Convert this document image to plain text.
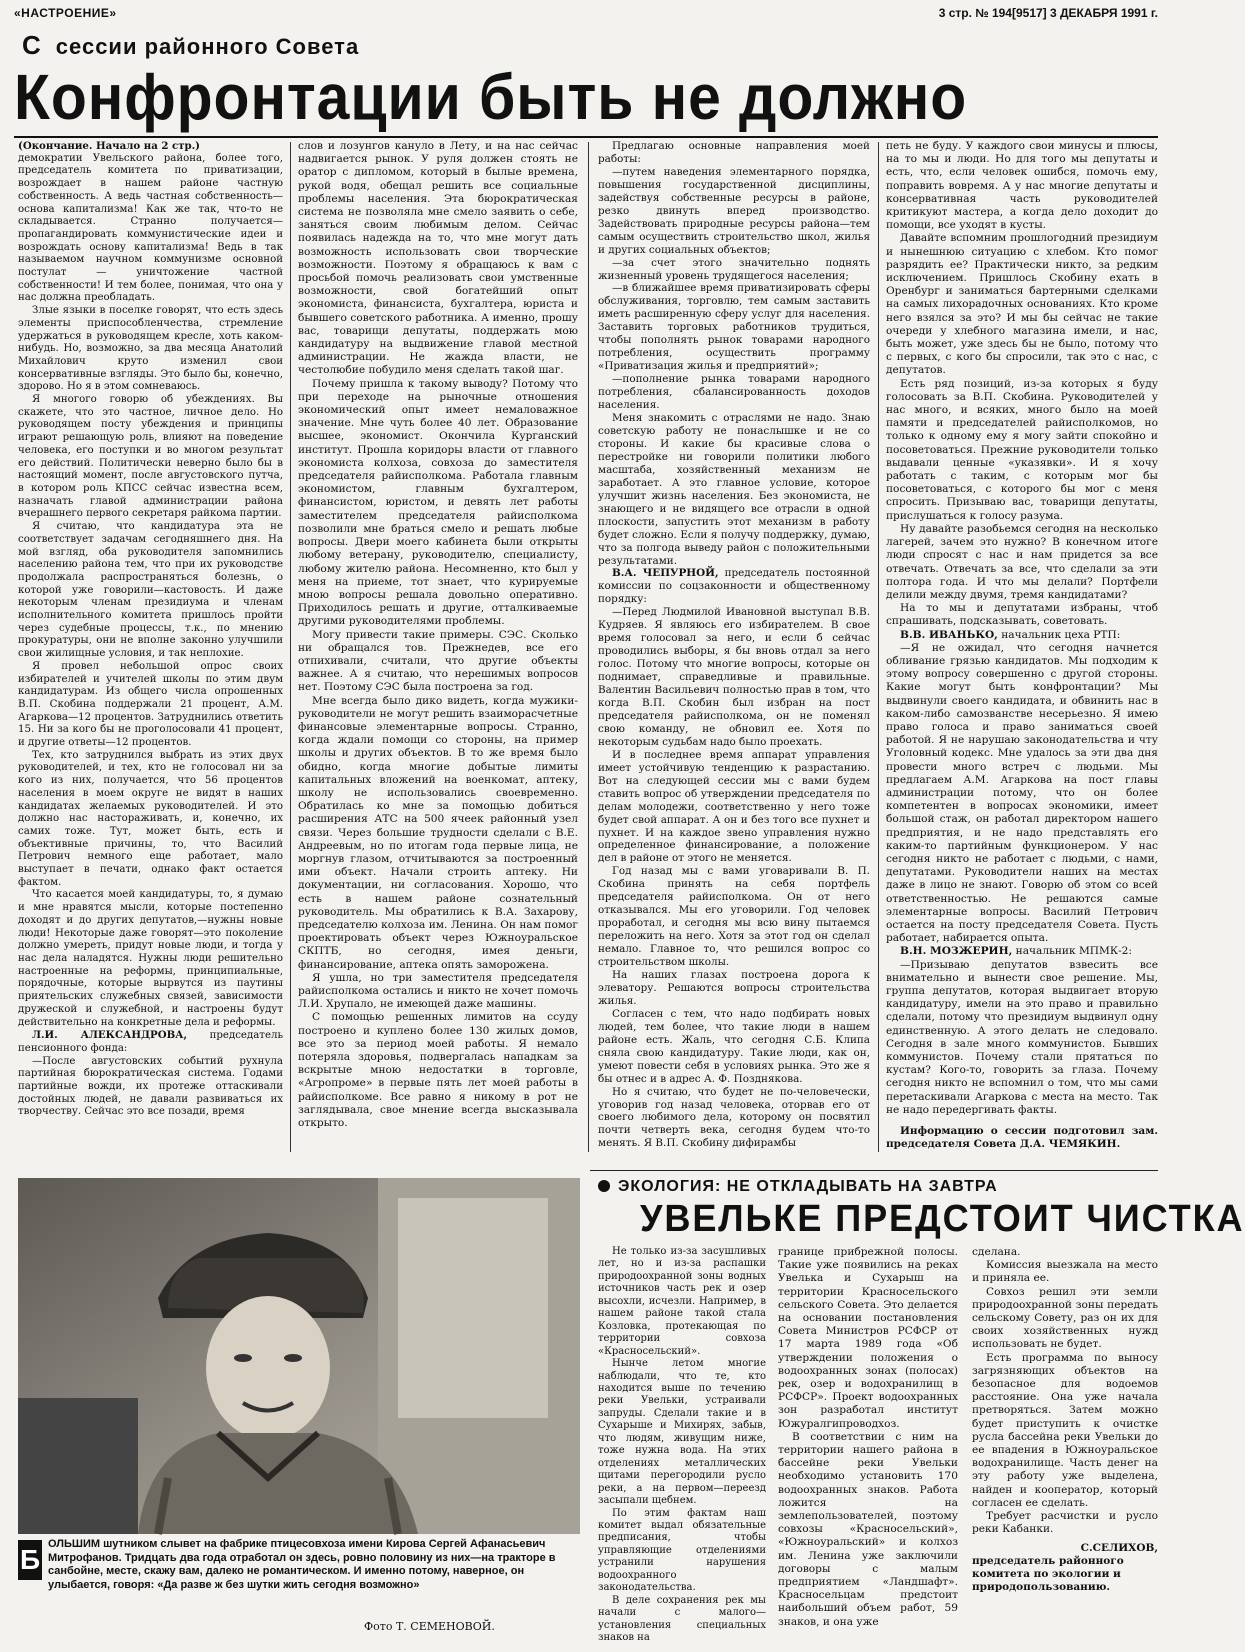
«НАСТРОЕНИЕ»	3 стр. № 194[9517] 3 ДЕКАБРЯ 1991 г.
С сессии районного Совета
Конфронтации быть не должно

(Окончание. Начало на 2 стр.)

демократии Увельского района, более того, председатель комитета по приватизации, возрождает в нашем районе частную собственность. А ведь частная собственность— основа капитализма! Как же так, что-то не складывается. Странно получается—пропагандировать коммунистические идеи и возрождать основу капитализма! Ведь в так называемом научном коммунизме основной постулат — уничтожение частной собственности! И тем более, понимая, что она у нас должна преобладать.

Злые языки в поселке говорят, что есть здесь элементы приспособленчества, стремление удержаться в руководящем кресле, хоть каком-нибудь. Но, возможно, за два месяца Анатолий Михайлович круто изменил свои консервативные взгляды. Это было бы, конечно, здорово. Но я в этом сомневаюсь.

Я многого говорю об убеждениях. Вы скажете, что это частное, личное дело. Но руководящем посту убеждения и принципы играют решающую роль, влияют на поведение человека, его поступки и во многом результат его действий. Политически неверно было бы в настоящий момент, после августовского путча, в котором роль КПСС сейчас известна всем, назначать главой администрации района вчерашнего первого секретаря райкома партии.

Я считаю, что кандидатура эта не соответствует задачам сегодняшнего дня. На мой взгляд, оба руководителя запомнились населению района тем, что при их руководстве продолжала распространяться болезнь, о которой уже говорили—кастовость. И даже некоторым членам президиума и членам исполнительного комитета пришлось пройти через судебные процессы, т.к., по мнению прокуратуры, они не вполне законно улучшили свои жилищные условия, и так неплохие.

Я провел небольшой опрос своих избирателей и учителей школы по этим двум кандидатурам. Из общего числа опрошенных В.П. Скобина поддержали 21 процент, А.М. Агаркова—12 процентов. Затруднились ответить 15. Ни за кого бы не проголосовали 41 процент, и другие ответы—12 процентов.

Тех, кто затруднился выбрать из этих двух руководителей, и тех, кто не голосовал ни за кого из них, получается, что 56 процентов населения в моем округе не видят в наших кандидатах желаемых руководителей. И это должно нас настораживать, и, конечно, их самих тоже. Тут, может быть, есть и объективные причины, то, что Василий Петрович немного еще работает, мало выступает в печати, однако факт остается фактом.

Что касается моей кандидатуры, то, я думаю и мне нравятся мысли, которые постепенно доходят и до других депутатов,—нужны новые люди! Некоторые даже говорят—это поколение должно умереть, придут новые люди, и тогда у нас дела наладятся. Нужны люди решительно настроенные на реформы, принципиальные, порядочные, которые вырвутся из паутины приятельских служебных связей, зависимости дружеской и служебной, и настроены будут действительно на конкретные дела и реформы.

Л.И. АЛЕКСАНДРОВА, председатель пенсионного фонда:

—После августовских событий рухнула партийная бюрократическая система. Годами партийные вожди, их протеже оттаскивали достойных людей, не давали развиваться их творчеству. Сейчас это все позади, время

слов и лозунгов кануло в Лету, и на нас сейчас надвигается рынок. У руля должен стоять не оратор с дипломом, который в былые времена, рукой водя, обещал решить все социальные проблемы населения. Эта бюрократическая система не позволяла мне смело заявить о себе, заняться своим любимым делом. Сейчас появилась надежда на то, что мне могут дать возможность использовать свои творческие возможности. Поэтому я обращаюсь к вам с просьбой помочь реализовать свои умственные возможности, свой богатейший опыт экономиста, финансиста, бухгалтера, юриста и бывшего советского работника. А именно, прошу вас, товарищи депутаты, поддержать мою кандидатуру на выдвижение главой местной администрации. Не жажда власти, не честолюбие побудило меня сделать такой шаг.

Почему пришла к такому выводу? Потому что при переходе на рыночные отношения экономический опыт имеет немаловажное значение. Мне чуть более 40 лет. Образование высшее, экономист. Окончила Курганский институт. Прошла коридоры власти от главного экономиста колхоза, совхоза до заместителя председателя райисполкома. Работала главным экономистом, главным бухгалтером, финансистом, юристом, и девять лет работы заместителем председателя райисполкома позволили мне браться смело и решать любые вопросы. Двери моего кабинета были открыты любому ветерану, руководителю, специалисту, любому жителю района. Несомненно, кто был у меня на приеме, тот знает, что курируемые мною вопросы решала довольно оперативно. Приходилось решать и другие, отталкиваемые другими руководителями проблемы.

Могу привести такие примеры. СЭС. Сколько ни обращался тов. Прежнедев, все его отпихивали, считали, что другие объекты важнее. А я считаю, что нерешимых вопросов нет. Поэтому СЭС была построена за год.

Мне всегда было дико видеть, когда мужики-руководители не могут решить взаиморасчетные финансовые элементарные вопросы. Странно, когда ждали помощи со стороны, на пример школы и других объектов. В то же время было обидно, когда многие добытые лимиты капитальных вложений на военкомат, аптеку, школу не использовались своевременно. Обратилась ко мне за помощью добиться расширения АТС на 500 ячеек районный узел связи. Через большие трудности сделали с В.Е. Андреевым, но по итогам года первые лица, не моргнув глазом, отчитываются за построенный ими объект. Начали строить аптеку. Ни документации, ни согласования. Хорошо, что есть в нашем районе сознательный руководитель. Мы обратились к В.А. Захарову, председателю колхоза им. Ленина. Он нам помог проектировать объект через Южноуральское СКПТБ, но сегодня, имея деньги, финансирование, аптека опять заморожена.

Я ушла, но три заместителя председателя райисполкома остались и никто не хочет помочь Л.И. Хрупало, не имеющей даже машины.

С помощью решенных лимитов на ссуду построено и куплено более 130 жилых домов, все это за период моей работы. Я немало потеряла здоровья, подвергалась нападкам за вскрытые мною недостатки в торговле, «Агропроме» в первые пять лет моей работы в райисполкоме. Все равно я никому в рот не заглядывала, свое мнение всегда высказывала открыто.

Предлагаю основные направления моей работы:

—путем наведения элементарного порядка, повышения государственной дисциплины, задействуя собственные ресурсы в районе, резко двинуть вперед производство. Задействовать природные ресурсы района—тем самым осуществить строительство школ, жилья и других социальных объектов;

—за счет этого значительно поднять жизненный уровень трудящегося населения;

—в ближайшее время приватизировать сферы обслуживания, торговлю, тем самым заставить иметь расширенную сферу услуг для населения. Заставить торговых работников трудиться, чтобы пополнять рынок товарами народного потребления, осуществить программу «Приватизация жилья и предприятий»;

—пополнение рынка товарами народного потребления, сбалансированность доходов населения.

Меня знакомить с отраслями не надо. Знаю советскую работу не понаслышке и не со стороны. И какие бы красивые слова о перестройке ни говорили политики любого масштаба, хозяйственный механизм не заработает. А это главное условие, которое улучшит жизнь населения. Без экономиста, не знающего и не видящего все отрасли в одной плоскости, запустить этот механизм в работу будет сложно. Если я получу поддержку, думаю, что за полгода выведу район с положительными результатами.

В.А. ЧЕПУРНОЙ, председатель постоянной комиссии по соцзаконности и общественному порядку:

—Перед Людмилой Ивановной выступал В.В. Кудряев. Я являюсь его избирателем. В свое время голосовал за него, и если б сейчас проводились выборы, я бы вновь отдал за него голос. Потому что многие вопросы, которые он поднимает, справедливые и правильные. Валентин Васильевич полностью прав в том, что когда В.П. Скобин был избран на пост председателя райисполкома, он не поменял свою команду, не обновил ее. Хотя по некоторым судьбам надо было проехать.

И в последнее время аппарат управления имеет устойчивую тенденцию к разрастанию. Вот на следующей сессии мы с вами будем ставить вопрос об утверждении председателя по делам молодежи, соответственно у него тоже будет свой аппарат. А он и без того все пухнет и пухнет. И на каждое звено управления нужно определенное финансирование, а положение дел в районе от этого не меняется.

Год назад мы с вами уговаривали В. П. Скобина принять на себя портфель председателя райисполкома. Он от него отказывался. Мы его уговорили. Год человек проработал, и сегодня мы всю вину пытаемся переложить на него. Хотя за этот год он сделал немало. Главное то, что решился вопрос со строительством школы.

На наших глазах построена дорога к элеватору. Решаются вопросы строительства жилья.

Согласен с тем, что надо подбирать новых людей, тем более, что такие люди в нашем районе есть. Жаль, что сегодня С.Б. Клипа сняла свою кандидатуру. Такие люди, как он, умеют повести себя в условиях рынка. Это же я бы отнес и в адрес А. Ф. Позднякова.

Но я считаю, что будет не по-человечески, уговорив год назад человека, оторвав его от своего любимого дела, которому он посвятил почти четверть века, сегодня будем что-то менять. Я В.П. Скобину дифирамбы

петь не буду. У каждого свои минусы и плюсы, на то мы и люди. Но для того мы депутаты и есть, что, если человек ошибся, помочь ему, поправить вовремя. А у нас многие депутаты и консервативная часть руководителей критикуют мастера, а когда дело доходит до помощи, все уходят в кусты.

Давайте вспомним прошлогодний президиум и нынешнюю ситуацию с хлебом. Кто помог разрядить ее? Практически никто, за редким исключением. Пришлось Скобину ехать в Оренбург и заниматься бартерными сделками на самых лихорадочных основаниях. Кто кроме него взялся за это? И мы бы сейчас не такие очереди у хлебного магазина имели, и нас, быть может, уже здесь бы не было, потому что с первых, с кого бы спросили, так это с нас, с депутатов.

Есть ряд позиций, из-за которых я буду голосовать за В.П. Скобина. Руководителей у нас много, и всяких, много было на моей памяти и председателей райисполкомов, но только к одному ему я могу зайти спокойно и посоветоваться. Прежние руководители только выдавали ценные «указявки». И я хочу работать с таким, с которым мог бы посоветоваться, с которого бы мог с меня спросить. Призываю вас, товарищи депутаты, прислушаться к голосу разума.

Ну давайте разобьемся сегодня на несколько лагерей, зачем это нужно? В конечном итоге люди спросят с нас и нам придется за все отвечать. Отвечать за все, что сделали за эти полтора года. И что мы делали? Портфели делили между двумя, тремя кандидатами?

На то мы и депутатами избраны, чтоб спрашивать, подсказывать, советовать.

В.В. ИВАНЬКО, начальник цеха РТП:

—Я не ожидал, что сегодня начнется обливание грязью кандидатов. Мы подходим к этому вопросу совершенно с другой стороны. Какие могут быть конфронтации? Мы выдвинули своего кандидата, и обвинить нас в каком-либо самозванстве несерьезно. Я имею право голоса и право заниматься своей работой. Я не нарушаю законодательства и чту Уголовный кодекс. Мне удалось за эти два дня провести много встреч с людьми. Мы предлагаем А.М. Агаркова на пост главы администрации потому, что он более компетентен в вопросах экономики, имеет большой стаж, он работал директором нашего предприятия, и не надо представлять его каким-то партийным функционером. У нас сегодня никто не работает с людьми, с нами, депутатами. Руководители наших на местах даже в лицо не знают. Говорю об этом со всей ответственностью. Не решаются самые элементарные вопросы. Василий Петрович остается на посту председателя Совета. Пусть работает, набирается опыта.

В.Н. МОЗЖЕРИН, начальник МПМК-2:

—Призываю депутатов взвесить все внимательно и вынести свое решение. Мы, группа депутатов, которая выдвигает вторую кандидатуру, имели на это право и правильно сделали, потому что президиум выдвинул одну единственную. А этого делать не следовало. Сегодня в зале много коммунистов. Бывших коммунистов. Почему стали прятаться по кустам? Кого-то, говорить за глаза. Почему сегодня никто не вспомнил о том, что мы сами перетаскивали Агаркова с места на место. Так не надо передергивать факты.

Информацию о сессии подготовил зам. председателя Совета Д.А. ЧЕМЯКИН.

Б ОЛЬШИМ шутником слывет на фабрике птицесовхоза имени Кирова Сергей Афанасьевич Митрофанов. Тридцать два года отработал он здесь, ровно половину из них—на тракторе в санбойне, месте, скажу вам, далеко не романтическом. И именно потому, наверное, он улыбается, говоря: «Да разве ж без шутки жить сегодня возможно»
Фото Т. СЕМЕНОВОЙ.
ЭКОЛОГИЯ: НЕ ОТКЛАДЫВАТЬ НА ЗАВТРА
УВЕЛЬКЕ ПРЕДСТОИТ ЧИСТКА

Не только из-за засушливых лет, но и из-за распашки природоохранной зоны водных источников часть рек и озер высохли, исчезли. Например, в нашем районе такой стала Козловка, протекающая по территории совхоза «Красносельский».

Нынче летом многие наблюдали, что те, кто находится выше по течению реки Увельки, устраивали запруды. Сделали такие и в Сухарыше и Михирях, забыв, что людям, живущим ниже, тоже нужна вода. На этих отделениях металлических щитами перегородили русло реки, а на первом—переезд засыпали щебнем.

По этим фактам наш комитет выдал обязательные предписания, чтобы управляющие отделениями устранили нарушения водоохранного законодательства.

В деле сохранения рек мы начали с малого—установления специальных знаков на

границе прибрежной полосы. Такие уже появились на реках Увелька и Сухарыш на территории Красносельского сельского Совета. Это делается на основании постановления Совета Министров РСФСР от 17 марта 1989 года «Об утверждении положения о водоохранных зонах (полосах) рек, озер и водохранилищ в РСФСР». Проект водоохранных зон разработал институт Южуралгипроводхоз.

В соответствии с ним на территории нашего района в бассейне реки Увельки необходимо установить 170 водоохранных знаков. Работа ложится на землепользователей, поэтому совхозы «Красносельский», «Южноуральский» и колхоз им. Ленина уже заключили договоры с малым предприятием «Ландшафт». Красносельцам предстоит наибольший объем работ, 59 знаков, и она уже

сделана.

Комиссия выезжала на место и приняла ее.

Совхоз решил эти земли природоохранной зоны передать сельскому Совету, раз он их для своих хозяйственных нужд использовать не будет.

Есть программа по выносу загрязняющих объектов на безопасное для водоемов расстояние. Она уже начала претворяться. Затем можно будет приступить к очистке русла бассейна реки Увельки до ее впадения в Южноуральское водохранилище. Часть денег на эту работу уже выделена, найден и кооператор, который согласен ее сделать.

Требует расчистки и русло реки Кабанки.

С.СЕЛИХОВ,

председатель районного комитета по экологии и природопользованию.
